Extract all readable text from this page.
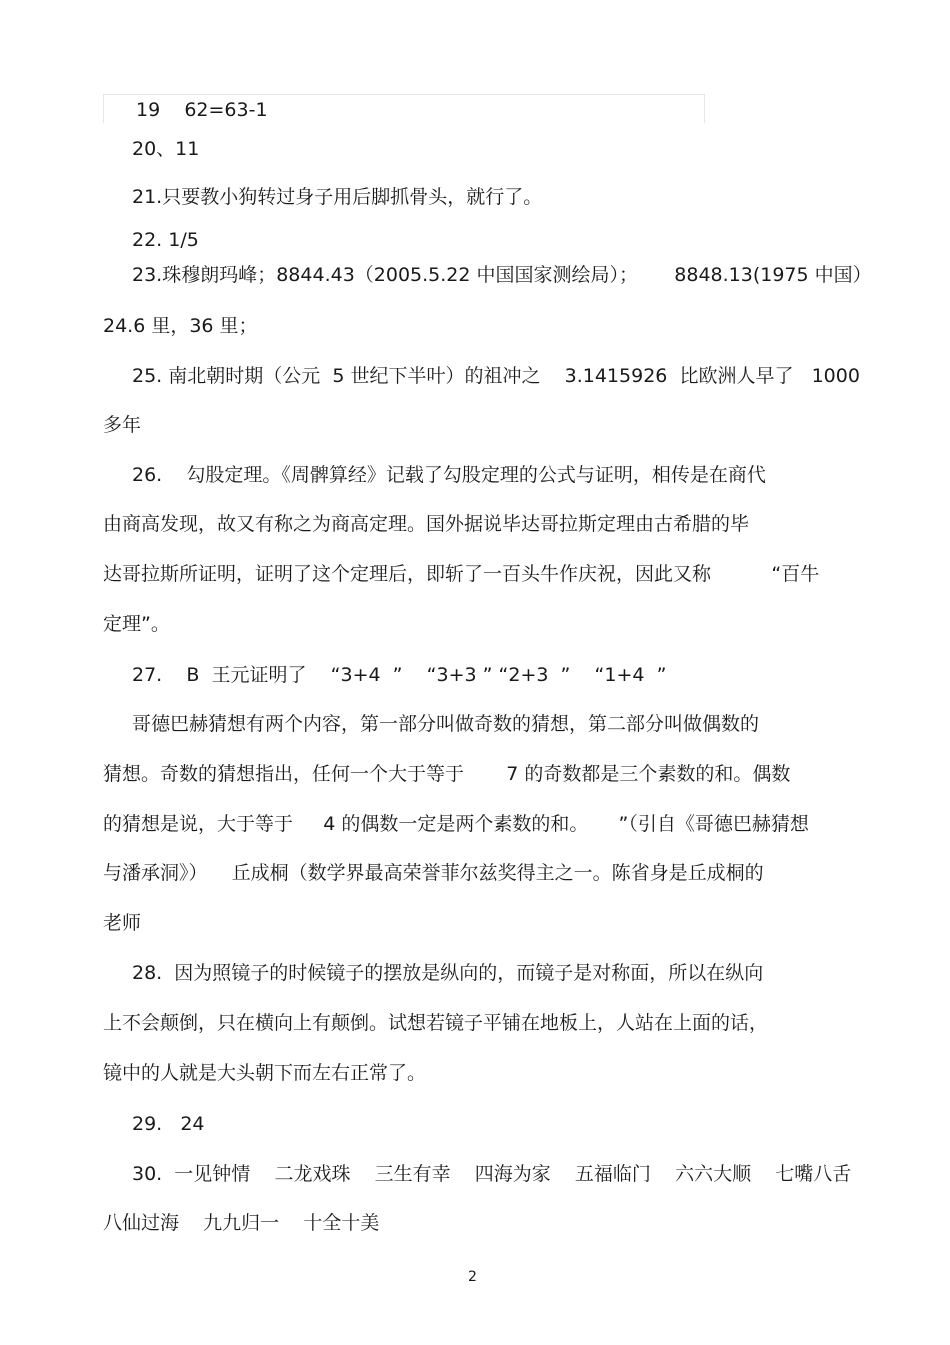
19    62=63-1
20、11
21.只要教小狗转过身子用后脚抓骨头，就行了。
22. 1/5
23.珠穆朗玛峰；8844.43（2005.5.22 中国国家测绘局）；      8848.13(1975 中国）
24.6 里，36 里；
25. 南北朝时期（公元  5 世纪下半叶）的祖冲之    3.1415926  比欧洲人早了   1000
多年
26.    勾股定理。《周髀算经》记载了勾股定理的公式与证明，相传是在商代
由商高发现，故又有称之为商高定理。国外据说毕达哥拉斯定理由古希腊的毕
达哥拉斯所证明，证明了这个定理后，即斩了一百头牛作庆祝，因此又称          “百牛
定理”。
27.    B  王元证明了    “3+4  ”    “3+3 ” “2+3  ”    “1+4  ”
哥德巴赫猜想有两个内容，第一部分叫做奇数的猜想，第二部分叫做偶数的
猜想。奇数的猜想指出，任何一个大于等于       7 的奇数都是三个素数的和。偶数
的猜想是说，大于等于     4 的偶数一定是两个素数的和。     ”（引自《哥德巴赫猜想
与潘承洞》）    丘成桐（数学界最高荣誉菲尔兹奖得主之一。陈省身是丘成桐的
老师
28.  因为照镜子的时候镜子的摆放是纵向的，而镜子是对称面，所以在纵向
上不会颠倒，只在横向上有颠倒。试想若镜子平铺在地板上，人站在上面的话，
镜中的人就是大头朝下而左右正常了。
29.   24
30.  一见钟情    二龙戏珠    三生有幸    四海为家    五福临门    六六大顺    七嘴八舌
八仙过海    九九归一    十全十美
2
